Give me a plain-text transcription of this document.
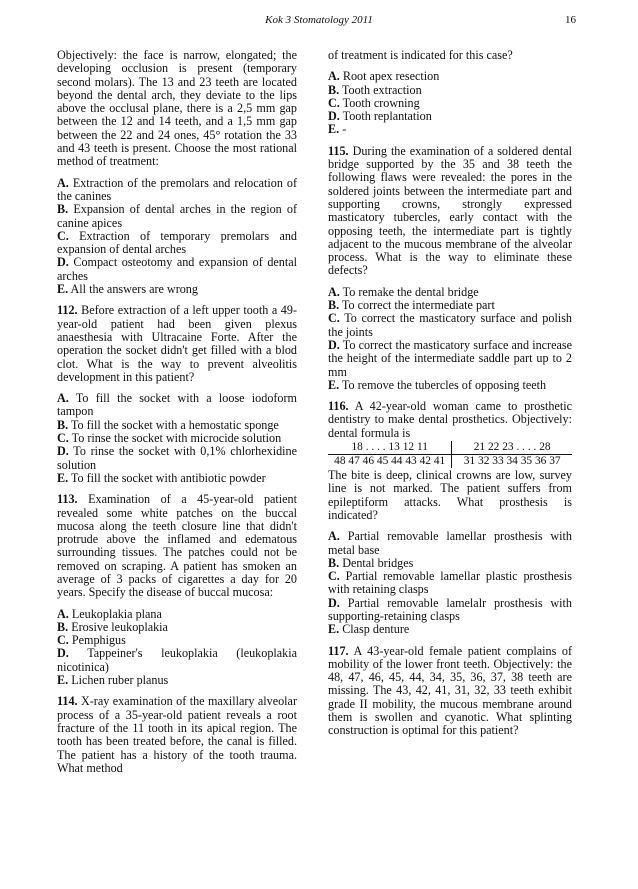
Kok 3 Stomatology 2011	16

Objectively: the face is narrow, elongated; the developing occlusion is present (temporary second molars). The 13 and 23 teeth are located beyond the dental arch, they deviate to the lips above the occlusal plane, there is a 2,5 mm gap between the 12 and 14 teeth, and a 1,5 mm gap between the 22 and 24 ones, 45° rotation the 33 and 43 teeth is present. Choose the most rational method of treatment:

A. Extraction of the premolars and relocation of the canines
B. Expansion of dental arches in the region of canine apices
C. Extraction of temporary premolars and expansion of dental arches
D. Compact osteotomy and expansion of dental arches
E. All the answers are wrong

112. Before extraction of a left upper tooth a 49-year-old patient had been given plexus anaesthesia with Ultracaine Forte. After the operation the socket didn't get filled with a blod clot. What is the way to prevent alveolitis development in this patient?

A. To fill the socket with a loose iodoform tampon
B. To fill the socket with a hemostatic sponge
C. To rinse the socket with microcide solution
D. To rinse the socket with 0,1% chlorhexidine solution
E. To fill the socket with antibiotic powder

113. Examination of a 45-year-old patient revealed some white patches on the buccal mucosa along the teeth closure line that didn't protrude above the inflamed and edematous surrounding tissues. The patches could not be removed on scraping. A patient has smoken an average of 3 packs of cigarettes a day for 20 years. Specify the disease of buccal mucosa:

A. Leukoplakia plana
B. Erosive leukoplakia
C. Pemphigus
D. Tappeiner's leukoplakia (leukoplakia nicotinica)
E. Lichen ruber planus

114. X-ray examination of the maxillary alveolar process of a 35-year-old patient reveals a root fracture of the 11 tooth in its apical region. The tooth has been treated before, the canal is filled. The patient has a history of the tooth trauma. What method

of treatment is indicated for this case?

A. Root apex resection
B. Tooth extraction
C. Tooth crowning
D. Tooth replantation
E. -

115. During the examination of a soldered dental bridge supported by the 35 and 38 teeth the following flaws were revealed: the pores in the soldered joints between the intermediate part and supporting crowns, strongly expressed masticatory tubercles, early contact with the opposing teeth, the intermediate part is tightly adjacent to the mucous membrane of the alveolar process. What is the way to eliminate these defects?

A. To remake the dental bridge
B. To correct the intermediate part
C. To correct the masticatory surface and polish the joints
D. To correct the masticatory surface and increase the height of the intermediate saddle part up to 2 mm
E. To remove the tubercles of opposing teeth

116. A 42-year-old woman came to prosthetic dentistry to make dental prosthetics. Objectively: dental formula is

18 . . . . 13 12 11	21 22 23 . . . . 28
48 47 46 45 44 43 42 41	31 32 33 34 35 36 37

The bite is deep, clinical crowns are low, survey line is not marked. The patient suffers from epileptiform attacks. What prosthesis is indicated?

A. Partial removable lamellar prosthesis with metal base
B. Dental bridges
C. Partial removable lamellar plastic prosthesis with retaining clasps
D. Partial removable lamelalr prosthesis with supporting-retaining clasps
E. Clasp denture

117. A 43-year-old female patient complains of mobility of the lower front teeth. Objectively: the 48, 47, 46, 45, 44, 34, 35, 36, 37, 38 teeth are missing. The 43, 42, 41, 31, 32, 33 teeth exhibit grade II mobility, the mucous membrane around them is swollen and cyanotic. What splinting construction is optimal for this patient?
